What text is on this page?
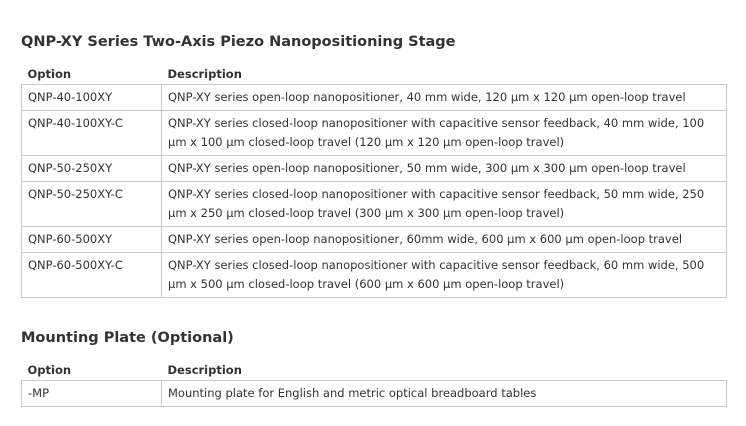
QNP-XY Series Two-Axis Piezo Nanopositioning Stage
Option	Description
QNP-40-100XY	QNP-XY series open-loop nanopositioner, 40 mm wide, 120 µm x 120 µm open-loop travel
QNP-40-100XY-C	QNP-XY series closed-loop nanopositioner with capacitive sensor feedback, 40 mm wide, 100 µm x 100 µm closed-loop travel (120 µm x 120 µm open-loop travel)
QNP-50-250XY	QNP-XY series open-loop nanopositioner, 50 mm wide, 300 µm x 300 µm open-loop travel
QNP-50-250XY-C	QNP-XY series closed-loop nanopositioner with capacitive sensor feedback, 50 mm wide, 250 µm x 250 µm closed-loop travel (300 µm x 300 µm open-loop travel)
QNP-60-500XY	QNP-XY series open-loop nanopositioner, 60mm wide, 600 µm x 600 µm open-loop travel
QNP-60-500XY-C	QNP-XY series closed-loop nanopositioner with capacitive sensor feedback, 60 mm wide, 500 µm x 500 µm closed-loop travel (600 µm x 600 µm open-loop travel)
Mounting Plate (Optional)
Option	Description
-MP	Mounting plate for English and metric optical breadboard tables
